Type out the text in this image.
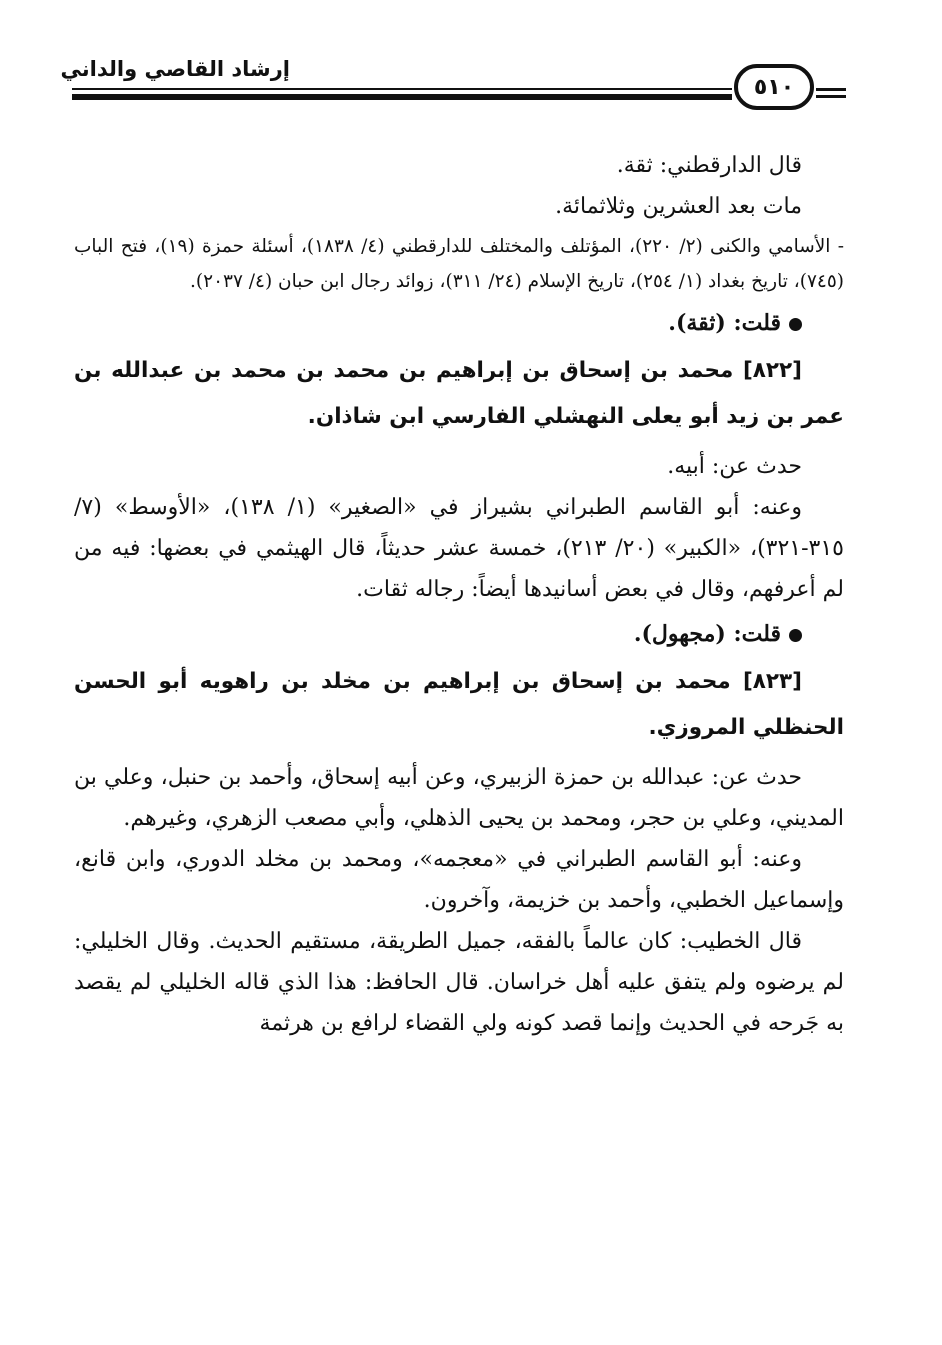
إرشاد القاصي والداني
٥١٠

قال الدارقطني: ثقة.

مات بعد العشرين وثلاثمائة.

- الأسامي والكنى (٢/ ٢٢٠)، المؤتلف والمختلف للدارقطني (٤/ ١٨٣٨)، أسئلة حمزة (١٩)، فتح الباب (٧٤٥)، تاريخ بغداد (١/ ٢٥٤)، تاريخ الإسلام (٢٤/ ٣١١)، زوائد رجال ابن حبان (٤/ ٢٠٣٧).

قلت: (ثقة).

[٨٢٢] محمد بن إسحاق بن إبراهيم بن محمد بن محمد بن عبدالله بن عمر بن زيد أبو يعلى النهشلي الفارسي ابن شاذان.

حدث عن: أبيه.

وعنه: أبو القاسم الطبراني بشيراز في «الصغير» (١/ ١٣٨)، «الأوسط» (٧/ ٣١٥-٣٢١)، «الكبير» (٢٠/ ٢١٣)، خمسة عشر حديثاً، قال الهيثمي في بعضها: فيه من لم أعرفهم، وقال في بعض أسانيدها أيضاً: رجاله ثقات.

قلت: (مجهول).

[٨٢٣] محمد بن إسحاق بن إبراهيم بن مخلد بن راهويه أبو الحسن الحنظلي المروزي.

حدث عن: عبدالله بن حمزة الزبيري، وعن أبيه إسحاق، وأحمد بن حنبل، وعلي بن المديني، وعلي بن حجر، ومحمد بن يحيى الذهلي، وأبي مصعب الزهري، وغيرهم.

وعنه: أبو القاسم الطبراني في «معجمه»، ومحمد بن مخلد الدوري، وابن قانع، وإسماعيل الخطبي، وأحمد بن خزيمة، وآخرون.

قال الخطيب: كان عالماً بالفقه، جميل الطريقة، مستقيم الحديث. وقال الخليلي: لم يرضوه ولم يتفق عليه أهل خراسان. قال الحافظ: هذا الذي قاله الخليلي لم يقصد به جَرحه في الحديث وإنما قصد كونه ولي القضاء لرافع بن هرثمة
